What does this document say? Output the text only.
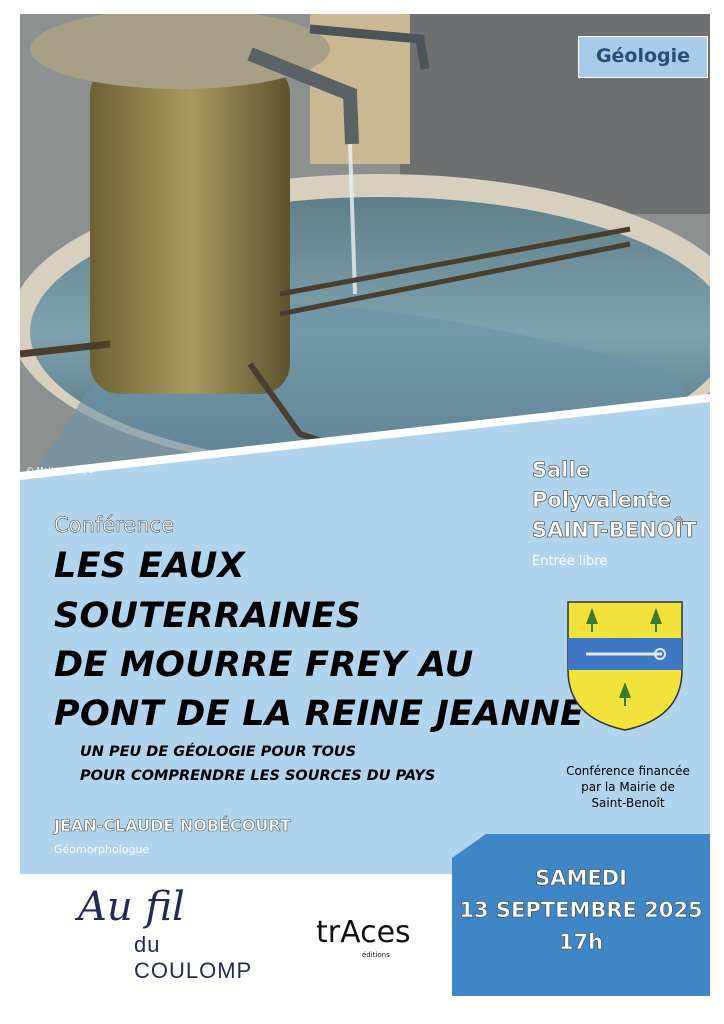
Géologie
© Mathieu Sieye	Salle
Polyvalente
SAINT-BENOÎT
Entrée libre
Conférence
LES EAUX
SOUTERRAINES
DE MOURRE FREY AU
PONT DE LA REINE JEANNE
UN PEU DE GÉOLOGIE POUR TOUS
POUR COMPRENDRE LES SOURCES DU PAYS
JEAN-CLAUDE NOBÉCOURT
Géomorphologue
Conférence financée
par la Mairie de
Saint-Benoît
SAMEDI
13 SEPTEMBRE 2025
17h
Au fil
du COULOMP
trAces
éditions
